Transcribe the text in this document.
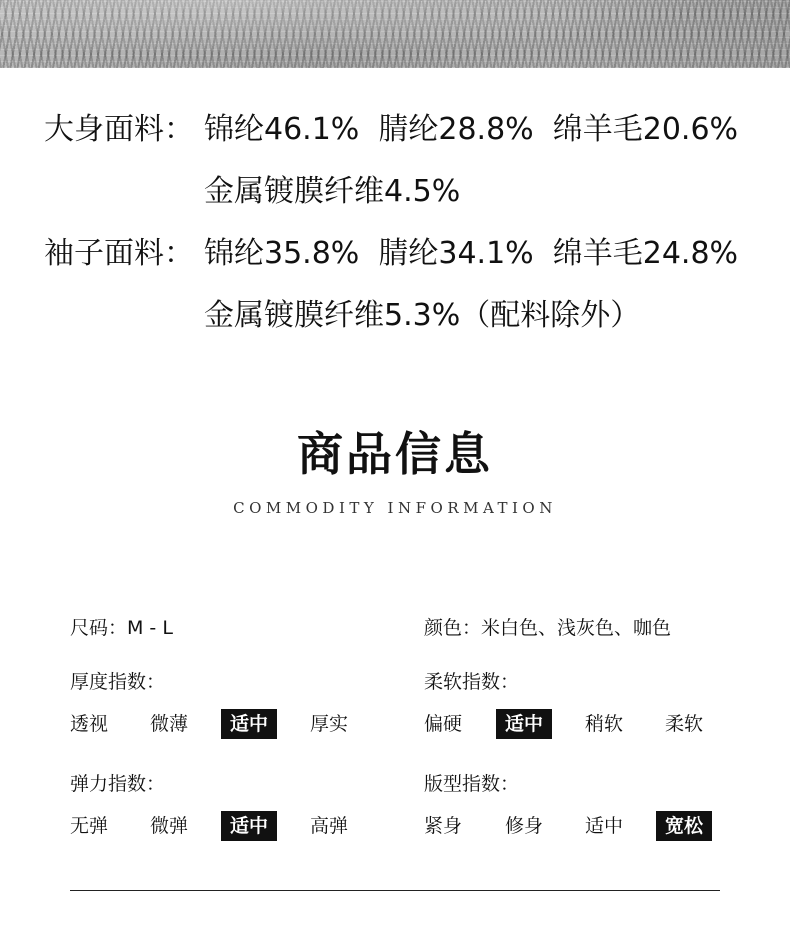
大身面料： 锦纶46.1%  腈纶28.8%  绵羊毛20.6%
金属镀膜纤维4.5%
袖子面料： 锦纶35.8%  腈纶34.1%  绵羊毛24.8%
金属镀膜纤维5.3%（配料除外）
商品信息
COMMODITY INFORMATION
尺码：M - L	颜色：米白色、浅灰色、咖色
厚度指数：
透视	微薄	适中	厚实
柔软指数：
偏硬	适中	稍软	柔软
弹力指数：
无弹	微弹	适中	高弹
版型指数：
紧身	修身	适中	宽松
